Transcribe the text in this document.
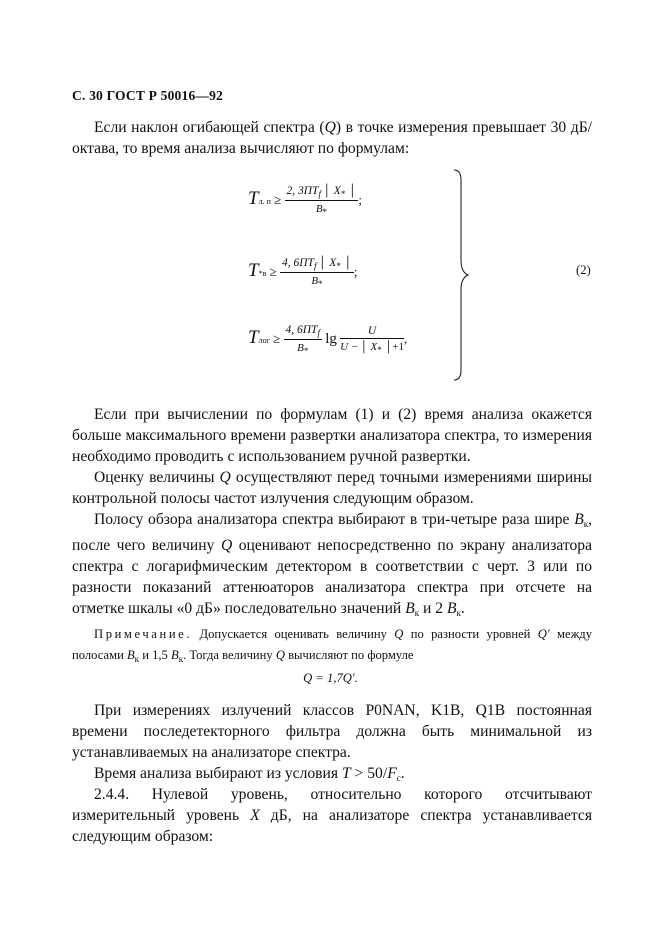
С. 30 ГОСТ Р 50016—92
Если наклон огибающей спектра (Q) в точке измерения превышает 30 дБ/октава, то время анализа вычисляют по формулам:
Tл. $п \ge \frac{2, 3ПТ_f │ X_* │}{B_*}$ ;
$T*в \ge \frac{4, 6ПТ_f │ X_* │}{B_*}$ ;
Tлог ≥ $\frac{4, 6ПТ_f}{B_*}$ $\lg \frac{U}{U - │ X_* │+1}$ ,
(2)
Если при вычислении по формулам (1) и (2) время анализа окажется больше максимального времени развертки анализатора спектра, то измерения необходимо проводить с использованием ручной развертки.
Оценку величины Q осуществляют перед точными измерениями ширины контрольной полосы частот излучения следующим образом.
Полосу обзора анализатора спектра выбирают в три-четыре раза шире $B_к$, после чего величину Q оценивают непосредственно по экрану анализатора спектра с логарифмическим детектором в соответствии с черт. 3 или по разности показаний аттенюаторов анализатора спектра при отсчете на отметке шкалы «0 дБ» последовательно значений $B_к$ и 2 $B_к$.
Примечание. Допускается оценивать величину Q по разности уровней Q′ между полосами $B_к$ и 1,5 $B_к$. Тогда величину Q вычисляют по формуле
Q = 1,7Q′.
При измерениях излучений классов P0NAN, K1B, Q1B постоянная времени последетекторного фильтра должна быть минимальной из устанавливаемых на анализаторе спектра.
Время анализа выбирают из условия $T > 50/F_с$.
2.4.4. Нулевой уровень, относительно которого отсчитывают измерительный уровень X дБ, на анализаторе спектра устанавливается следующим образом:
